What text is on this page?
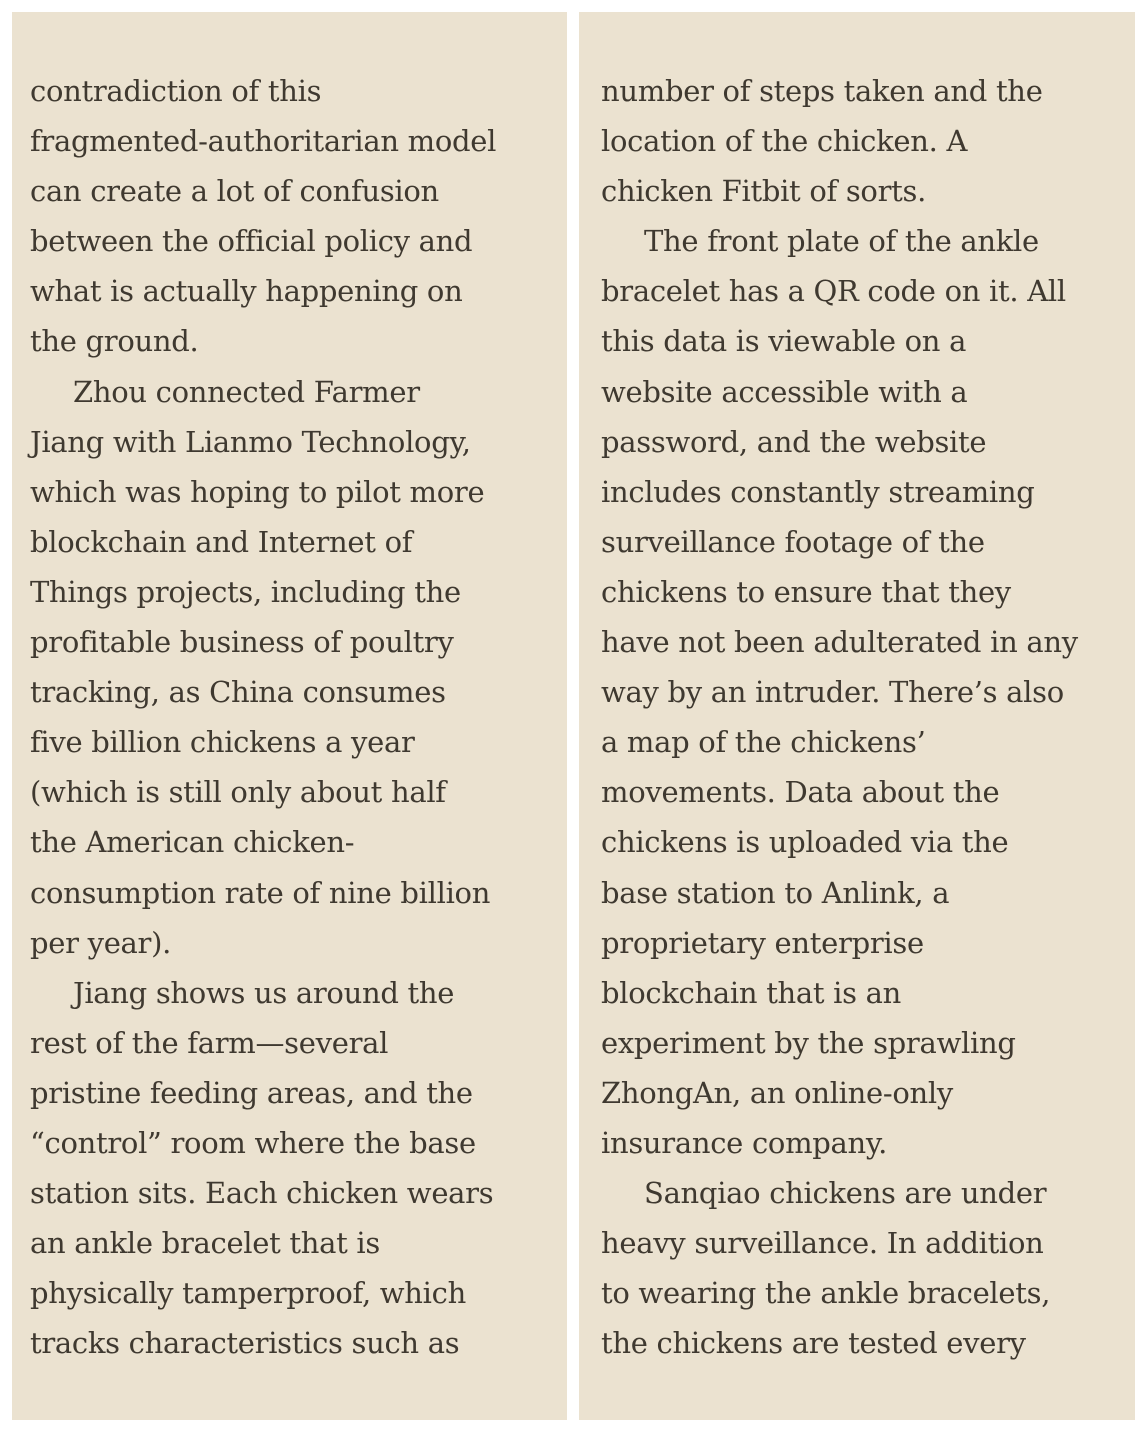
contradiction of this
fragmented-authoritarian model
can create a lot of confusion
between the official policy and
what is actually happening on
the ground.
Zhou connected Farmer
Jiang with Lianmo Technology,
which was hoping to pilot more
blockchain and Internet of
Things projects, including the
profitable business of poultry
tracking, as China consumes
five billion chickens a year
(which is still only about half
the American chicken-
consumption rate of nine billion
per year).
Jiang shows us around the
rest of the farm—several
pristine feeding areas, and the
“control” room where the base
station sits. Each chicken wears
an ankle bracelet that is
physically tamperproof, which
tracks characteristics such as
number of steps taken and the
location of the chicken. A
chicken Fitbit of sorts.
The front plate of the ankle
bracelet has a QR code on it. All
this data is viewable on a
website accessible with a
password, and the website
includes constantly streaming
surveillance footage of the
chickens to ensure that they
have not been adulterated in any
way by an intruder. There’s also
a map of the chickens’
movements. Data about the
chickens is uploaded via the
base station to Anlink, a
proprietary enterprise
blockchain that is an
experiment by the sprawling
ZhongAn, an online-only
insurance company.
Sanqiao chickens are under
heavy surveillance. In addition
to wearing the ankle bracelets,
the chickens are tested every
